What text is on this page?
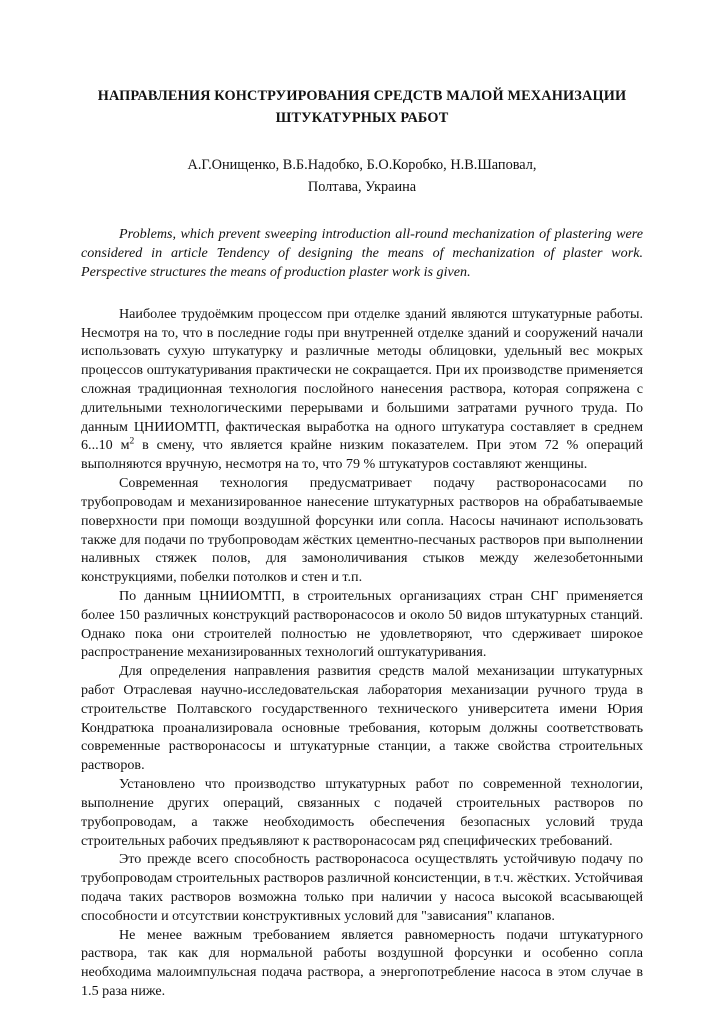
НАПРАВЛЕНИЯ КОНСТРУИРОВАНИЯ СРЕДСТВ МАЛОЙ МЕХАНИЗАЦИИ
ШТУКАТУРНЫХ РАБОТ
А.Г.Онищенко, В.Б.Надобко, Б.О.Коробко, Н.В.Шаповал,
Полтава, Украина

Problems, which prevent sweeping introduction all-round mechanization of plastering were considered in article Tendency of designing the means of mechanization of plaster work. Perspective structures the means of production plaster work is given.

Наиболее трудоёмким процессом при отделке зданий являются штукатурные работы. Несмотря на то, что в последние годы при внутренней отделке зданий и сооружений начали использовать сухую штукатурку и различные методы облицовки, удельный вес мокрых процессов оштукатуривания практически не сокращается. При их производстве применяется сложная традиционная технология послойного нанесения раствора, которая сопряжена с длительными технологическими перерывами и большими затратами ручного труда. По данным ЦНИИОМТП, фактическая выработка на одного штукатура составляет в среднем 6...10 $м^2$ в смену, что является крайне низким показателем. При этом 72 % операций выполняются вручную, несмотря на то, что 79 % штукатуров составляют женщины.

Современная технология предусматривает подачу растворонасосами по трубопроводам и механизированное нанесение штукатурных растворов на обрабатываемые поверхности при помощи воздушной форсунки или сопла. Насосы начинают использовать также для подачи по трубопроводам жёстких цементно-песчаных растворов при выполнении наливных стяжек полов, для замоноличивания стыков между железобетонными конструкциями, побелки потолков и стен и т.п.

По данным ЦНИИОМТП, в строительных организациях стран СНГ применяется более 150 различных конструкций растворонасосов и около 50 видов штукатурных станций. Однако пока они строителей полностью не удовлетворяют, что сдерживает широкое распространение механизированных технологий оштукатуривания.

Для определения направления развития средств малой механизации штукатурных работ Отраслевая научно-исследовательская лаборатория механизации ручного труда в строительстве Полтавского государственного технического университета имени Юрия Кондратюка проанализировала основные требования, которым должны соответствовать современные растворонасосы и штукатурные станции, а также свойства строительных растворов.

Установлено что производство штукатурных работ по современной технологии, выполнение других операций, связанных с подачей строительных растворов по трубопроводам, а также необходимость обеспечения безопасных условий труда строительных рабочих предъявляют к растворонасосам ряд специфических требований.

Это прежде всего способность растворонасоса осуществлять устойчивую подачу по трубопроводам строительных растворов различной консистенции, в т.ч. жёстких. Устойчивая подача таких растворов возможна только при наличии у насоса высокой всасывающей способности и отсутствии конструктивных условий для "зависания" клапанов.

Не менее важным требованием является равномерность подачи штукатурного раствора, так как для нормальной работы воздушной форсунки и особенно сопла необходима малоимпульсная подача раствора, а энергопотребление насоса в этом случае в 1.5 раза ниже.
